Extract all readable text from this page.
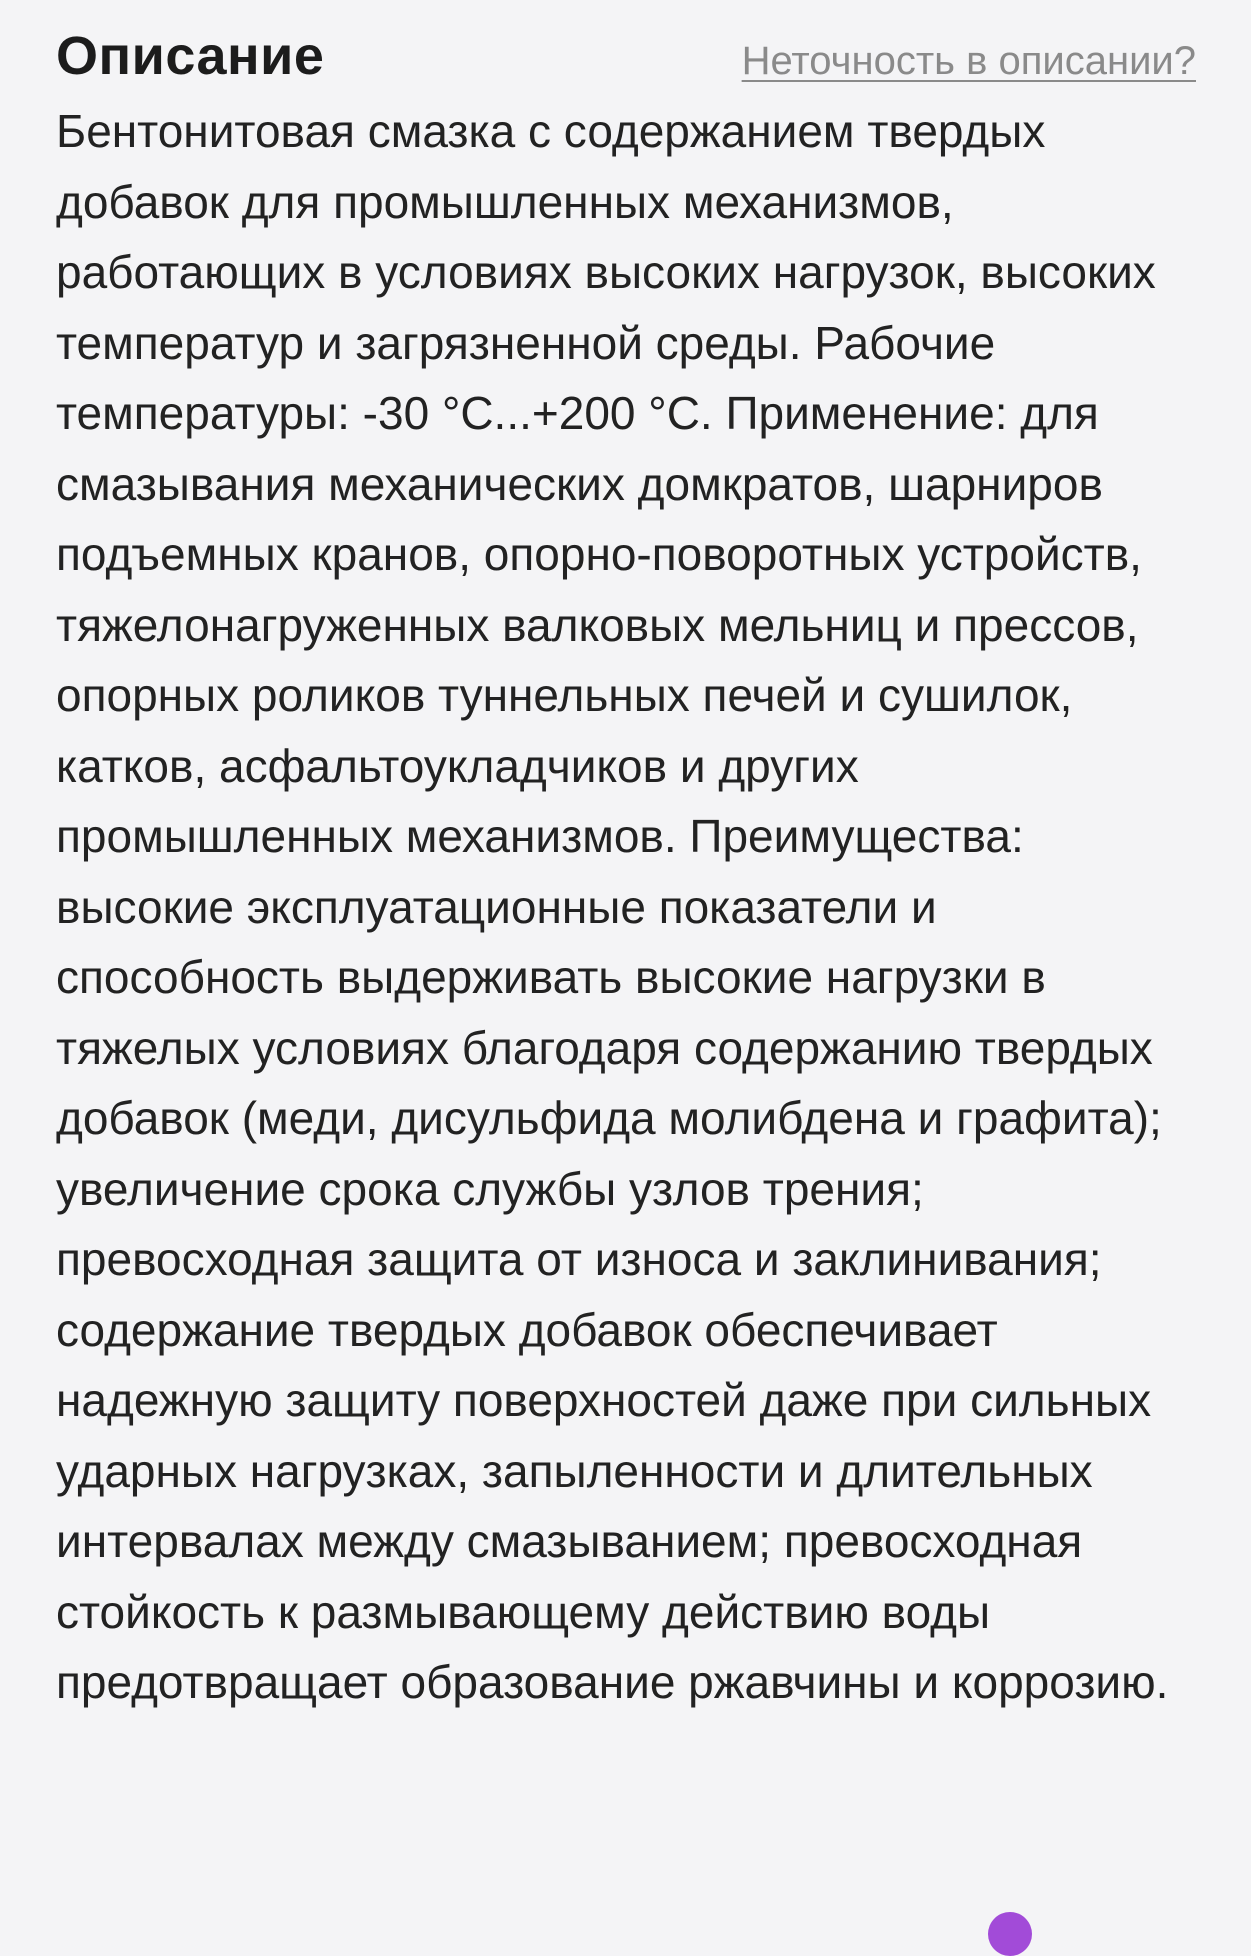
Описание	Неточность в описании?

Бентонитовая смазка с содержанием твердых добавок для промышленных механизмов, работающих в условиях высоких нагрузок, высоких температур и загрязненной среды. Рабочие температуры: -30 °С...+200 °С. Применение: для смазывания механических домкратов, шарниров подъемных кранов, опорно-поворотных устройств, тяжелонагруженных валковых мельниц и прессов, опорных роликов туннельных печей и сушилок, катков, асфальтоукладчиков и других промышленных механизмов. Преимущества: высокие эксплуатационные показатели и способность выдерживать высокие нагрузки в тяжелых условиях благодаря содержанию твердых добавок (меди, дисульфида молибдена и графита); увеличение срока службы узлов трения; превосходная защита от износа и заклинивания; содержание твердых добавок обеспечивает надежную защиту поверхностей даже при сильных ударных нагрузках, запыленности и длительных интервалах между смазыванием; превосходная стойкость к размывающему действию воды предотвращает образование ржавчины и коррозию.
